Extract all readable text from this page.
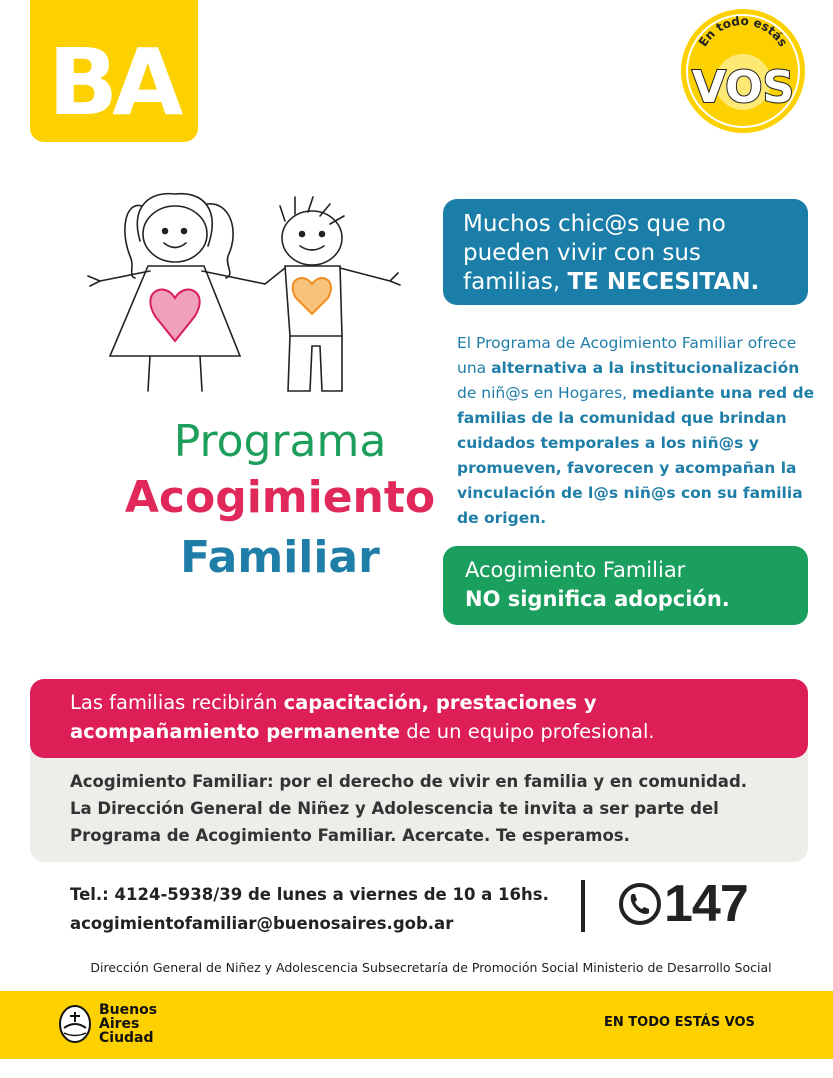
BA	En todo estás
VOS
Programa
Acogimiento
Familiar
Muchos chic@s que no pueden vivir con sus familias, TE NECESITAN.
El Programa de Acogimiento Familiar ofrece una alternativa a la institucionalización de niñ@s en Hogares, mediante una red de familias de la comunidad que brindan cuidados temporales a los niñ@s y promueven, favorecen y acompañan la vinculación de l@s niñ@s con su familia de origen.
Acogimiento Familiar
NO significa adopción.
Las familias recibirán capacitación, prestaciones y acompañamiento permanente de un equipo profesional.
Acogimiento Familiar: por el derecho de vivir en familia y en comunidad.
La Dirección General de Niñez y Adolescencia te invita a ser parte del
Programa de Acogimiento Familiar. Acercate. Te esperamos.
Tel.: 4124-5938/39 de lunes a viernes de 10 a 16hs.
acogimientofamiliar@buenosaires.gob.ar	147
Dirección General de Niñez y Adolescencia Subsecretaría de Promoción Social Ministerio de Desarrollo Social
Buenos
Aires
Ciudad
EN TODO ESTÁS VOS
